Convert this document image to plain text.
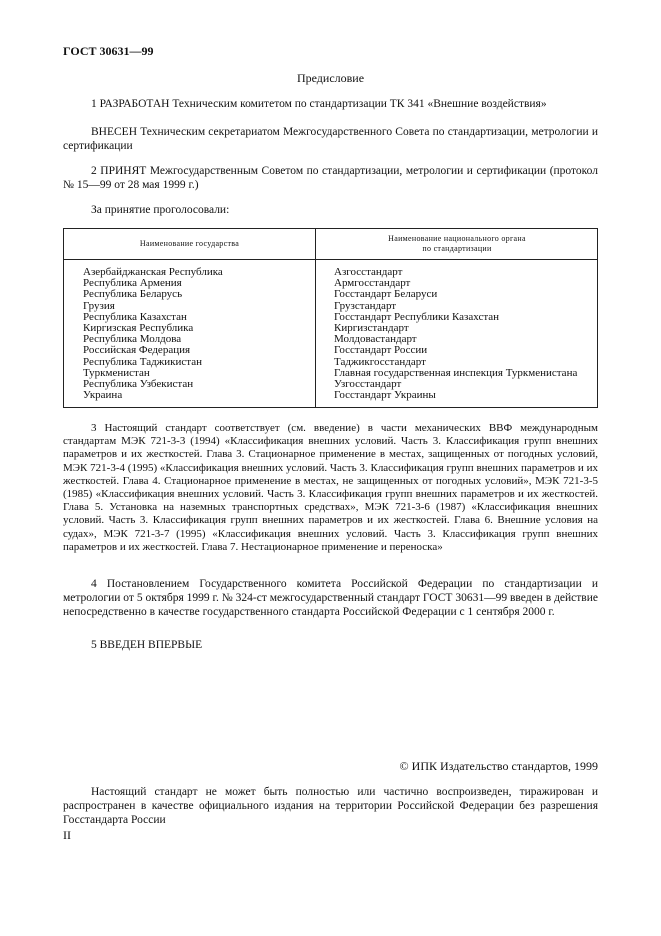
ГОСТ 30631—99
Предисловие
1 РАЗРАБОТАН Техническим комитетом по стандартизации ТК 341 «Внешние воздействия»
ВНЕСЕН Техническим секретариатом Межгосударственного Совета по стандартизации, метрологии и сертификации
2 ПРИНЯТ Межгосударственным Советом по стандартизации, метрологии и сертификации (протокол № 15—99 от 28 мая 1999 г.)
За принятие проголосовали:
Наименование государства
Наименование национального органа
по стандартизации
Азербайджанская Республика
Республика Армения
Республика Беларусь
Грузия
Республика Казахстан
Киргизская Республика
Республика Молдова
Российская Федерация
Республика Таджикистан
Туркменистан
Республика Узбекистан
Украина
Азгосстандарт
Армгосстандарт
Госстандарт Беларуси
Грузстандарт
Госстандарт Республики Казахстан
Киргизстандарт
Молдовастандарт
Госстандарт России
Таджикгосстандарт
Главная государственная инспекция Туркменистана
Узгосстандарт
Госстандарт Украины
3 Настоящий стандарт соответствует (см. введение) в части механических ВВФ международным стандартам МЭК 721-3-3 (1994) «Классификация внешних условий. Часть 3. Классификация групп внешних параметров и их жесткостей. Глава 3. Стационарное применение в местах, защищенных от погодных условий, МЭК 721-3-4 (1995) «Классификация внешних условий. Часть 3. Классификация групп внешних параметров и их жесткостей. Глава 4. Стационарное применение в местах, не защищенных от погодных условий», МЭК 721-3-5 (1985) «Классификация внешних условий. Часть 3. Классификация групп внешних параметров и их жесткостей. Глава 5. Установка на наземных транспортных средствах», МЭК 721-3-6 (1987) «Классификация внешних условий. Часть 3. Классификация групп внешних параметров и их жесткостей. Глава 6. Внешние условия на судах», МЭК 721-3-7 (1995) «Классификация внешних условий. Часть 3. Классификация групп внешних параметров и их жесткостей. Глава 7. Нестационарное применение и переноска»
4 Постановлением Государственного комитета Российской Федерации по стандартизации и метрологии от 5 октября 1999 г. № 324-ст межгосударственный стандарт ГОСТ 30631—99 введен в действие непосредственно в качестве государственного стандарта Российской Федерации с 1 сентября 2000 г.
5 ВВЕДЕН ВПЕРВЫЕ
© ИПК Издательство стандартов, 1999
Настоящий стандарт не может быть полностью или частично воспроизведен, тиражирован и распространен в качестве официального издания на территории Российской Федерации без разрешения Госстандарта России
II
